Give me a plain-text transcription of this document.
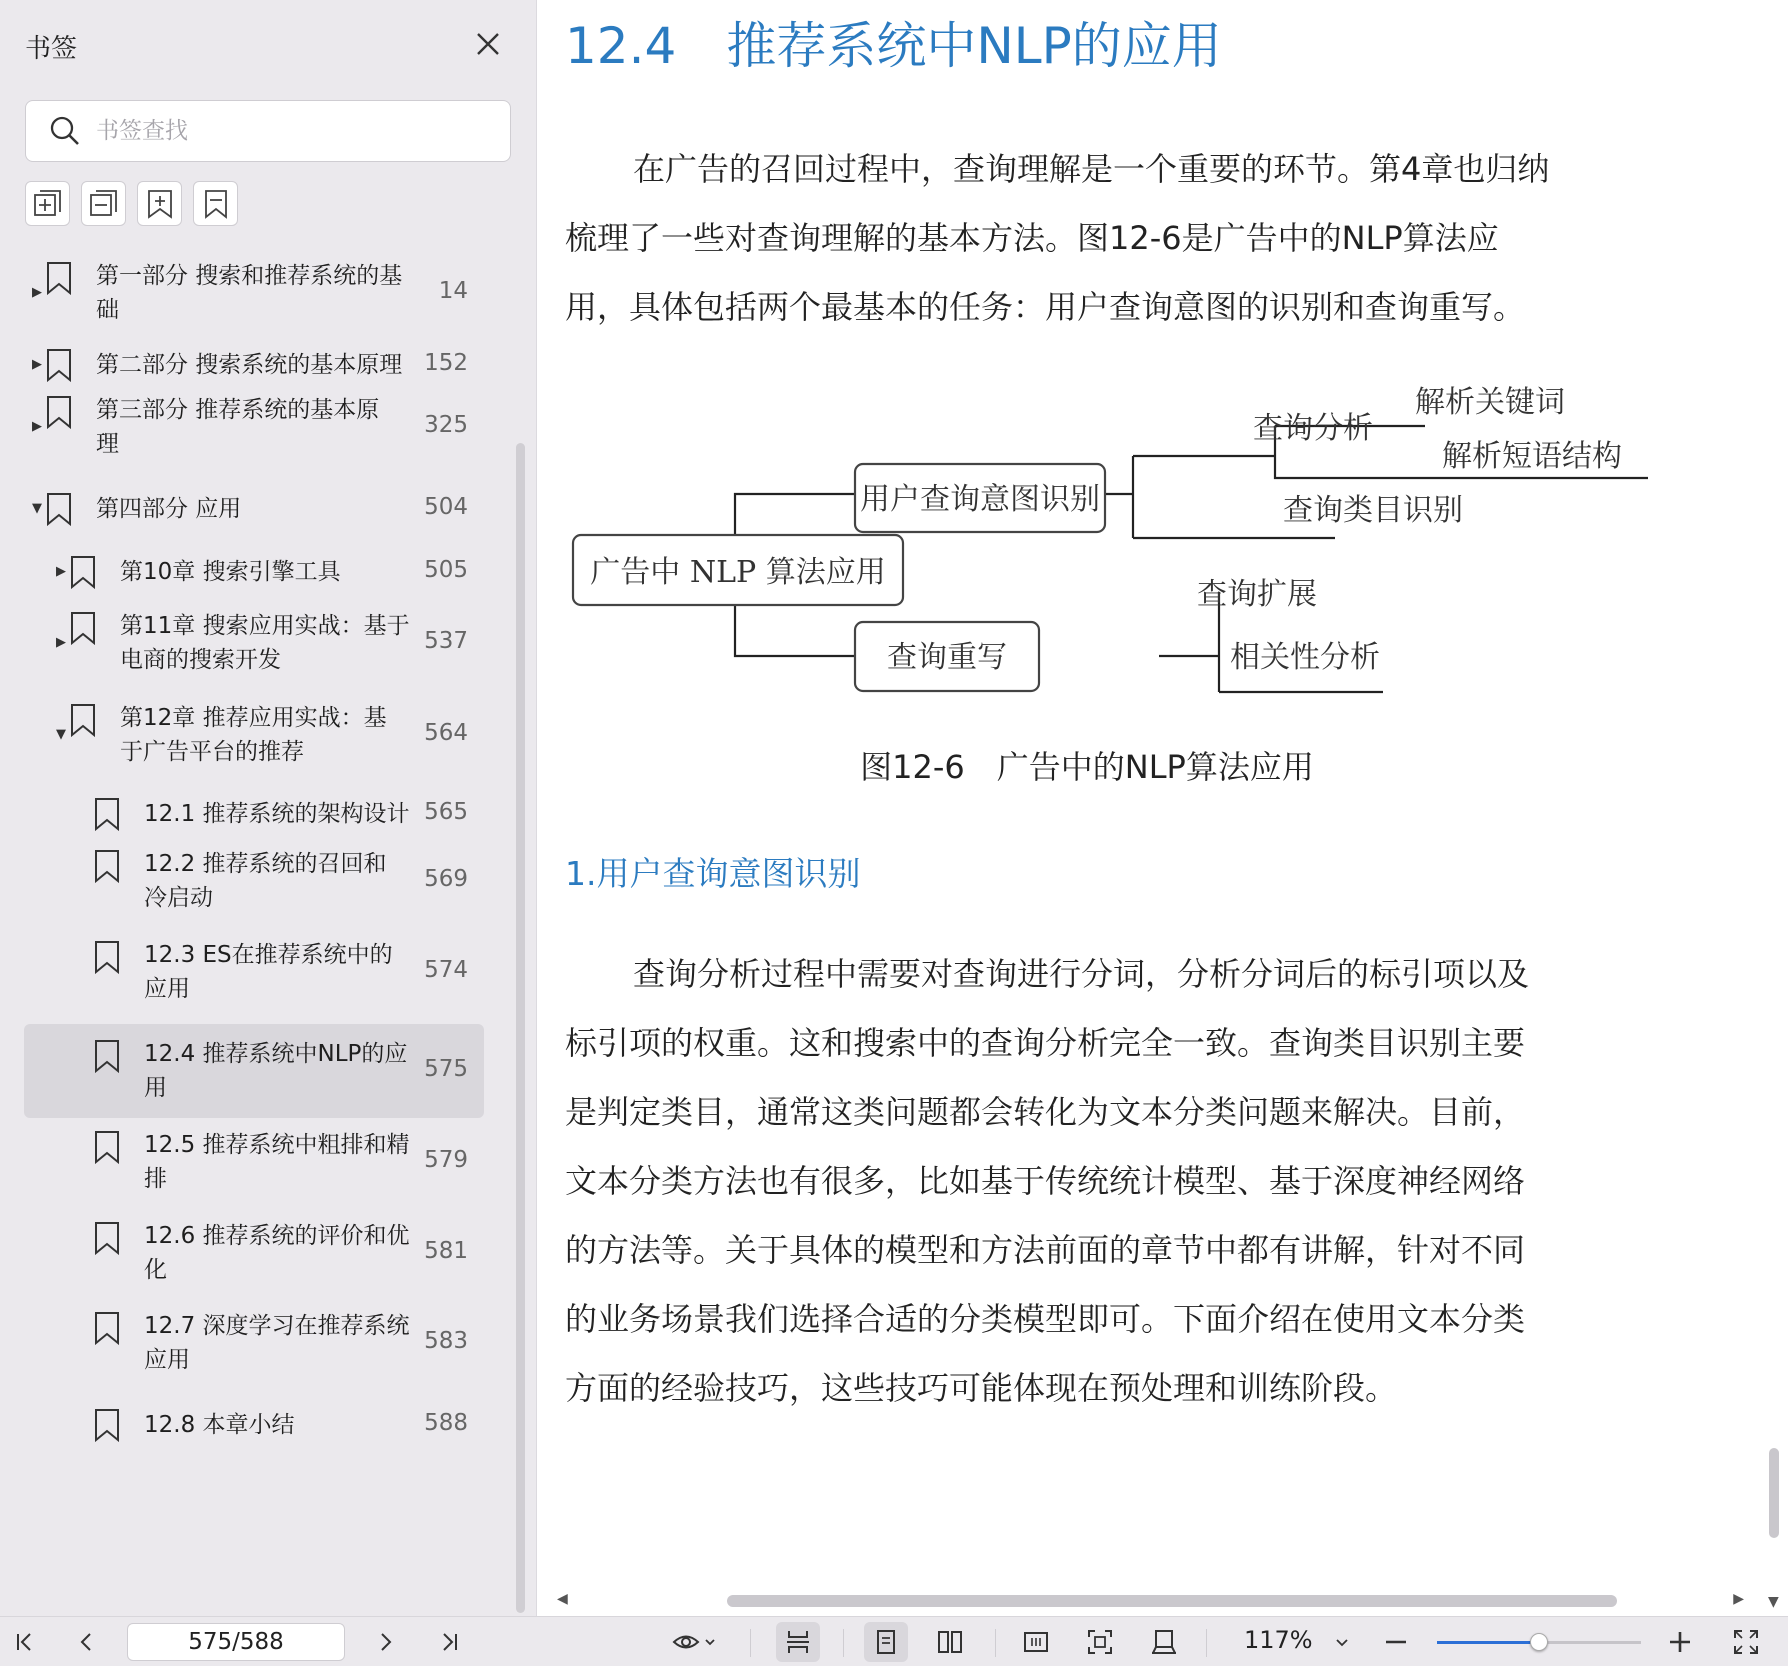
书签
书签查找
▶
第一部分 搜索和推荐系统的基
础
14
▶ 第二部分 搜索系统的基本原理 152
▶
第三部分 推荐系统的基本原
理
325
▼ 第四部分 应用	504
▶ 第10章 搜索引擎工具	505
▶
第11章 搜索应用实战：基于
电商的搜索开发
537
▼
第12章 推荐应用实战：基
于广告平台的推荐
564
12.1 推荐系统的架构设计 565
12.2 推荐系统的召回和
冷启动
569
12.3 ES在推荐系统中的
应用
574
12.4 推荐系统中NLP的应
用
575
12.5 推荐系统中粗排和精
排
579
12.6 推荐系统的评价和优
化
581
12.7 深度学习在推荐系统
应用
583
12.8 本章小结	588
12.4 推荐系统中NLP的应用
在广告的召回过程中，查询理解是一个重要的环节。第4章也归纳
梳理了一些对查询理解的基本方法。图12-6是广告中的NLP算法应
用，具体包括两个最基本的任务：用户查询意图的识别和查询重写。
广告中 NLP 算法应用
用户查询意图识别
查询重写
查询分析
解析关键词
解析短语结构
查询类目识别
查询扩展
相关性分析
图12-6　广告中的NLP算法应用
1.用户查询意图识别
查询分析过程中需要对查询进行分词，分析分词后的标引项以及
标引项的权重。这和搜索中的查询分析完全一致。查询类目识别主要
是判定类目，通常这类问题都会转化为文本分类问题来解决。目前，
文本分类方法也有很多，比如基于传统统计模型、基于深度神经网络
的方法等。关于具体的模型和方法前面的章节中都有讲解，针对不同
的业务场景我们选择合适的分类模型即可。下面介绍在使用文本分类
方面的经验技巧，这些技巧可能体现在预处理和训练阶段。
▼
◀	▶
575/588	117%
